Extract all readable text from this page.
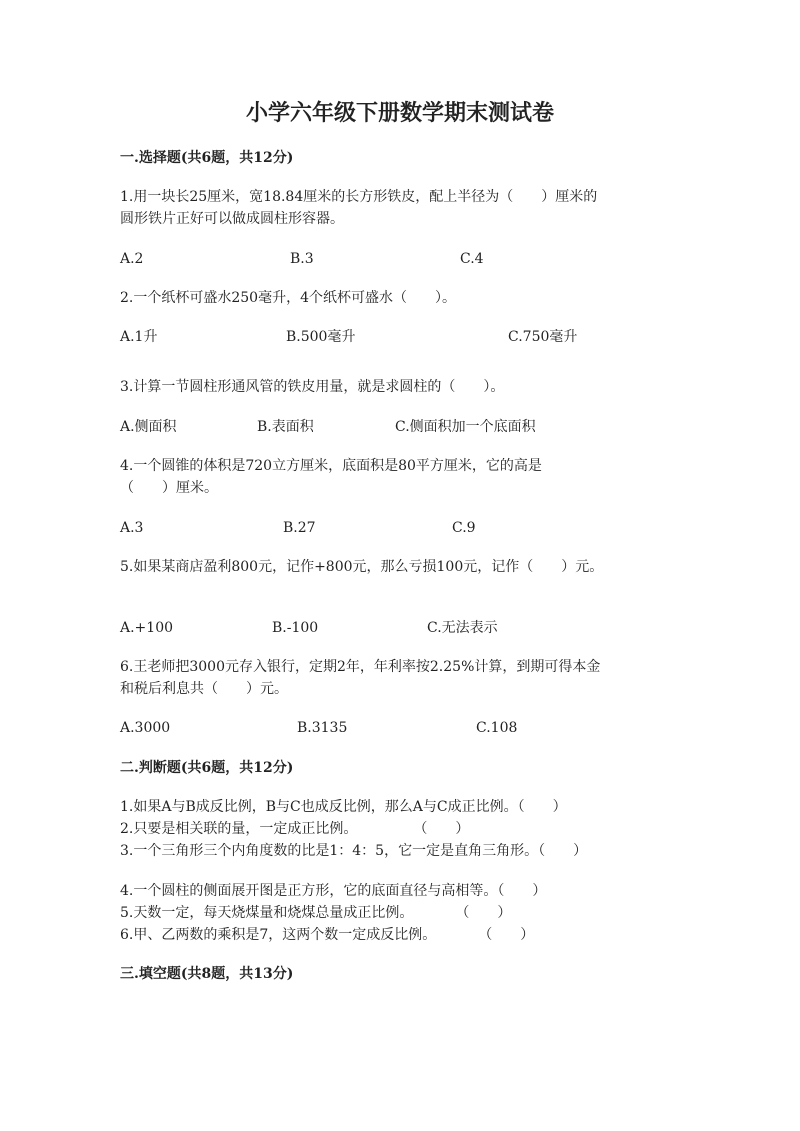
小学六年级下册数学期末测试卷
一.选择题(共6题，共12分)
1.用一块长25厘米，宽18.84厘米的长方形铁皮，配上半径为（　　）厘米的
圆形铁片正好可以做成圆柱形容器。
A.2	B.3	C.4
2.一个纸杯可盛水250毫升，4个纸杯可盛水（　　）。
A.1升	B.500毫升	C.750毫升
3.计算一节圆柱形通风管的铁皮用量，就是求圆柱的（　　）。
A.侧面积	B.表面积	C.侧面积加一个底面积
4.一个圆锥的体积是720立方厘米，底面积是80平方厘米，它的高是
（　　）厘米。
A.3	B.27	C.9
5.如果某商店盈利800元，记作+800元，那么亏损100元，记作（　　）元。
A.+100	B.-100	C.无法表示
6.王老师把3000元存入银行，定期2年，年利率按2.25%计算，到期可得本金
和税后利息共（　　）元。
A.3000	B.3135	C.108
二.判断题(共6题，共12分)
1.如果A与B成反比例，B与C也成反比例，那么A与C成正比例。（　　）
2.只要是相关联的量，一定成正比例。　　　　　（　　）
3.一个三角形三个内角度数的比是1：4：5，它一定是直角三角形。（　　）
4.一个圆柱的侧面展开图是正方形，它的底面直径与高相等。（　　）
5.天数一定，每天烧煤量和烧煤总量成正比例。　　　　（　　）
6.甲、乙两数的乘积是7，这两个数一定成反比例。　　　　（　　）
三.填空题(共8题，共13分)
